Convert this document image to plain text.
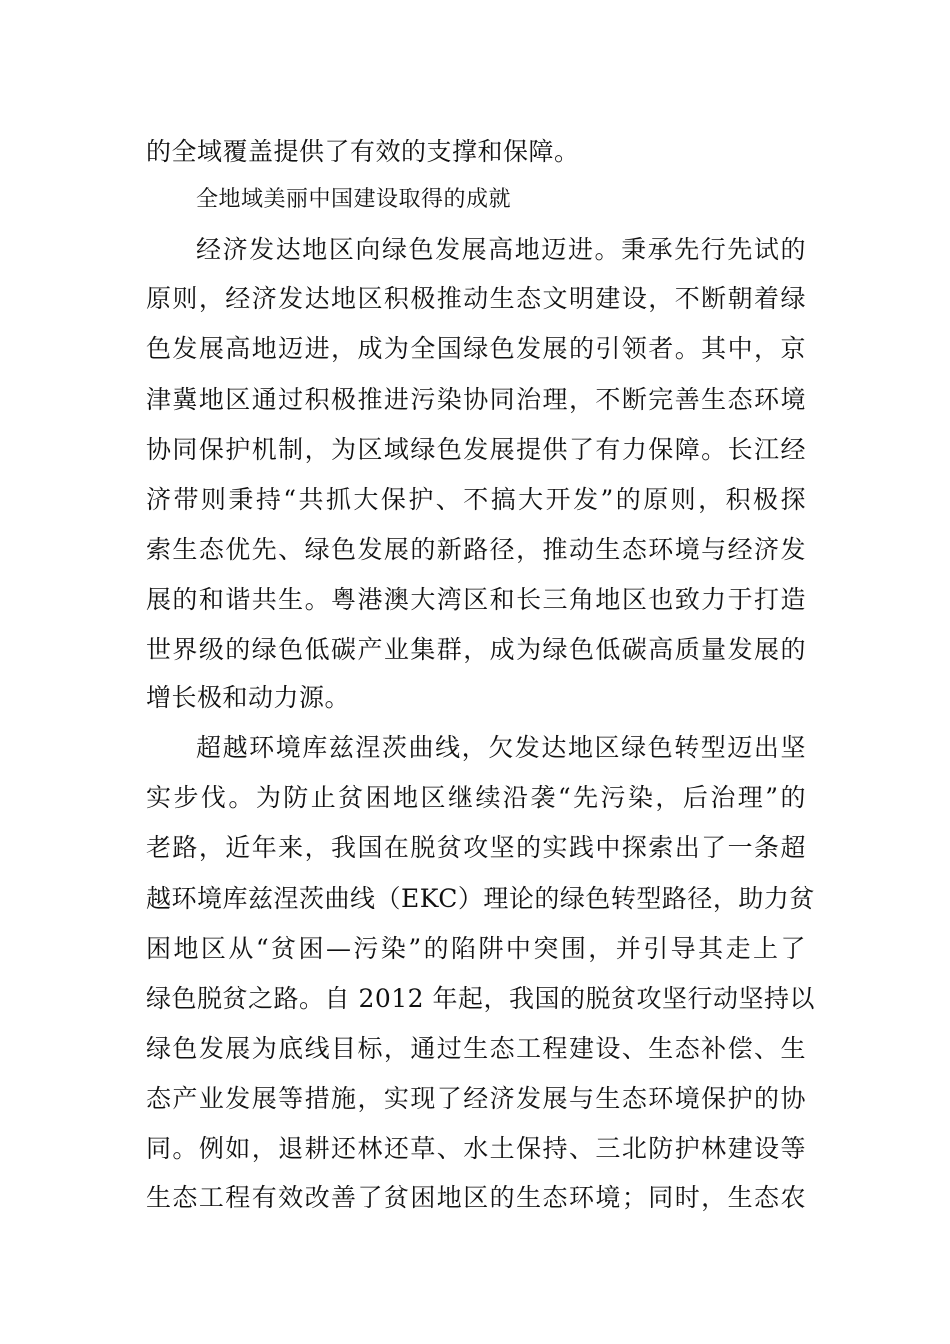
的全域覆盖提供了有效的支撑和保障。
全地域美丽中国建设取得的成就
经济发达地区向绿色发展高地迈进。秉承先行先试的
原则，经济发达地区积极推动生态文明建设，不断朝着绿
色发展高地迈进，成为全国绿色发展的引领者。其中，京
津冀地区通过积极推进污染协同治理，不断完善生态环境
协同保护机制，为区域绿色发展提供了有力保障。长江经
济带则秉持“共抓大保护、不搞大开发”的原则，积极探
索生态优先、绿色发展的新路径，推动生态环境与经济发
展的和谐共生。粤港澳大湾区和长三角地区也致力于打造
世界级的绿色低碳产业集群，成为绿色低碳高质量发展的
增长极和动力源。
超越环境库兹涅茨曲线，欠发达地区绿色转型迈出坚
实步伐。为防止贫困地区继续沿袭“先污染，后治理”的
老路，近年来，我国在脱贫攻坚的实践中探索出了一条超
越环境库兹涅茨曲线（EKC）理论的绿色转型路径，助力贫
困地区从“贫困—污染”的陷阱中突围，并引导其走上了
绿色脱贫之路。自 2012 年起，我国的脱贫攻坚行动坚持以
绿色发展为底线目标，通过生态工程建设、生态补偿、生
态产业发展等措施，实现了经济发展与生态环境保护的协
同。例如，退耕还林还草、水土保持、三北防护林建设等
生态工程有效改善了贫困地区的生态环境；同时，生态农
